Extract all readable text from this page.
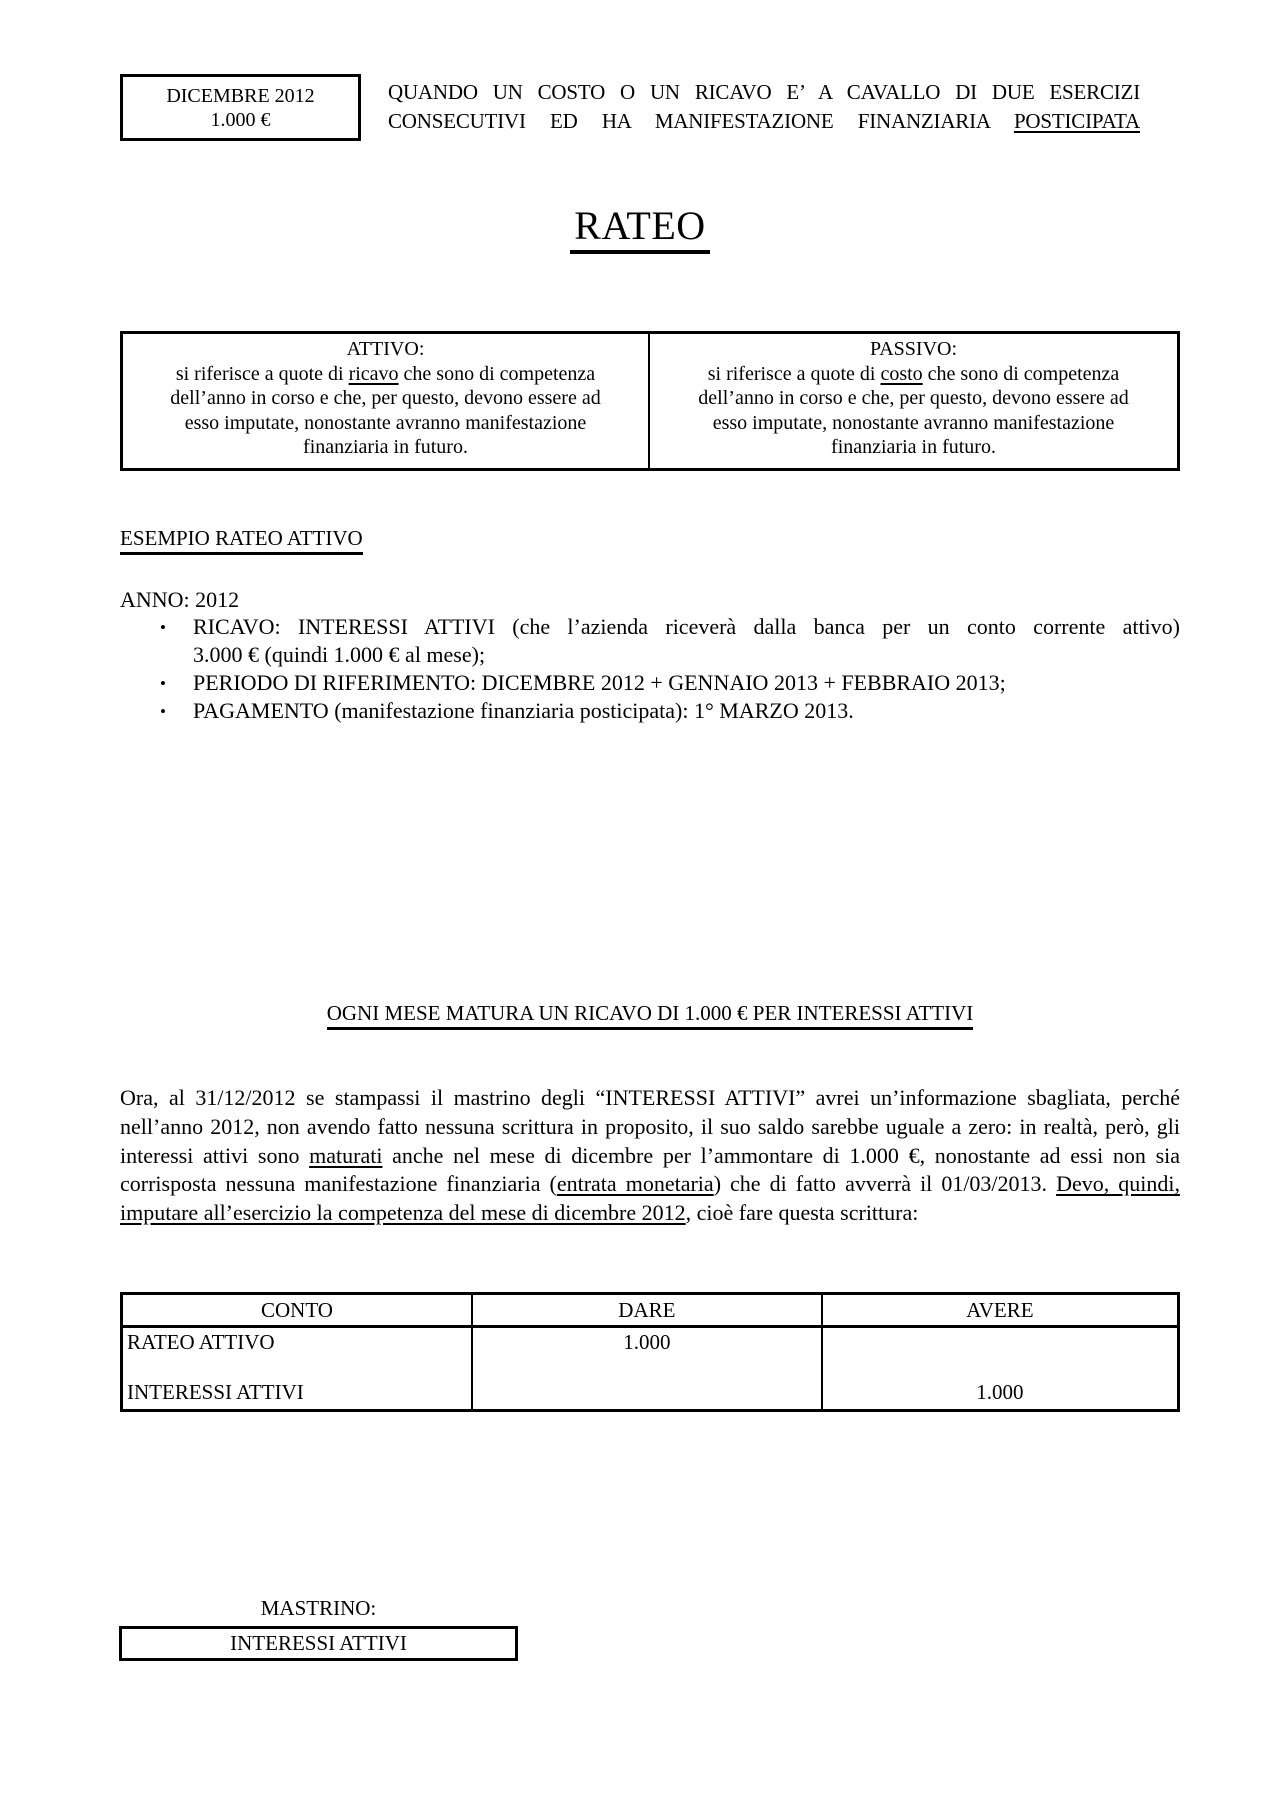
DICEMBRE 2012
1.000 €
QUANDO UN COSTO O UN RICAVO E’ A CAVALLO DI DUE ESERCIZI
CONSECUTIVI ED HA MANIFESTAZIONE FINANZIARIA POSTICIPATA
RATEO
ATTIVO:
si riferisce a quote di ricavo che sono di competenza
dell’anno in corso e che, per questo, devono essere ad
esso imputate, nonostante avranno manifestazione
finanziaria in futuro.
PASSIVO:
si riferisce a quote di costo che sono di competenza
dell’anno in corso e che, per questo, devono essere ad
esso imputate, nonostante avranno manifestazione
finanziaria in futuro.
ESEMPIO RATEO ATTIVO
ANNO: 2012
• RICAVO: INTERESSI ATTIVI (che l’azienda riceverà dalla banca per un conto corrente attivo)
3.000 € (quindi 1.000 € al mese);
• PERIODO DI RIFERIMENTO: DICEMBRE 2012 + GENNAIO 2013 + FEBBRAIO 2013;
• PAGAMENTO (manifestazione finanziaria posticipata): 1° MARZO 2013.
OGNI MESE MATURA UN RICAVO DI 1.000 € PER INTERESSI ATTIVI
Ora, al 31/12/2012 se stampassi il mastrino degli “INTERESSI ATTIVI” avrei un’informazione sbagliata, perché nell’anno 2012, non avendo fatto nessuna scrittura in proposito, il suo saldo sarebbe uguale a zero: in realtà, però, gli interessi attivi sono maturati anche nel mese di dicembre per l’ammontare di 1.000 €, nonostante ad essi non sia corrisposta nessuna manifestazione finanziaria (entrata monetaria) che di fatto avverrà il 01/03/2013. Devo, quindi, imputare all’esercizio la competenza del mese di dicembre 2012, cioè fare questa scrittura:
CONTO	DARE	AVERE
RATEO ATTIVO
INTERESSI ATTIVI
1.000
1.000
MASTRINO:
INTERESSI ATTIVI
